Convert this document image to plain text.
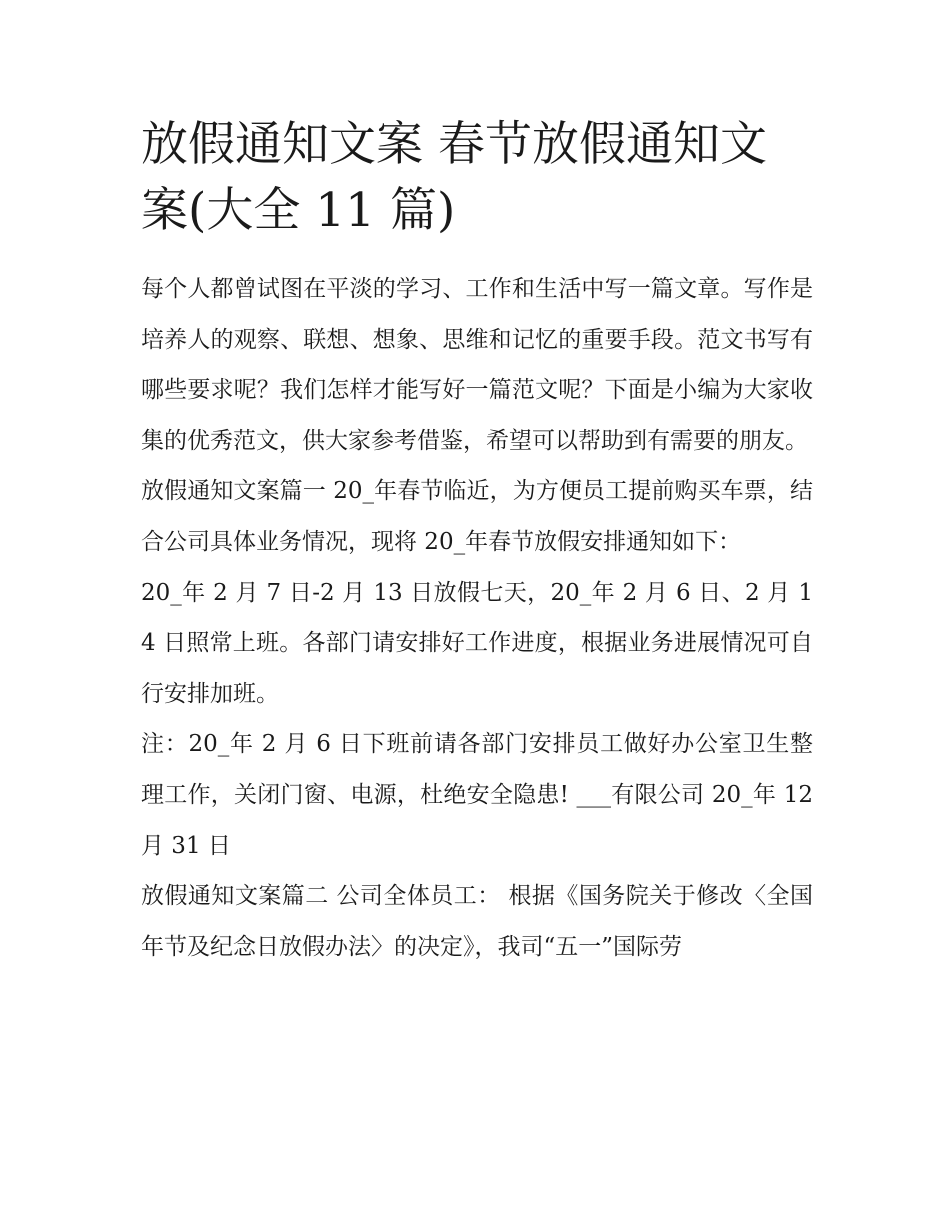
放假通知文案 春节放假通知文案(大全 11 篇)

每个人都曾试图在平淡的学习、工作和生活中写一篇文章。写作是培养人的观察、联想、想象、思维和记忆的重要手段。范文书写有哪些要求呢？我们怎样才能写好一篇范文呢？下面是小编为大家收集的优秀范文，供大家参考借鉴，希望可以帮助到有需要的朋友。

放假通知文案篇一 20_年春节临近，为方便员工提前购买车票，结合公司具体业务情况，现将 20_年春节放假安排通知如下：

20_年 2 月 7 日-2 月 13 日放假七天，20_年 2 月 6 日、2 月 14 日照常上班。各部门请安排好工作进度，根据业务进展情况可自行安排加班。

注：20_年 2 月 6 日下班前请各部门安排员工做好办公室卫生整理工作，关闭门窗、电源，杜绝安全隐患! ___有限公司 20_年 12 月 31 日

放假通知文案篇二 公司全体员工： 根据《国务院关于修改〈全国年节及纪念日放假办法〉的决定》，我司“五一”国际劳
